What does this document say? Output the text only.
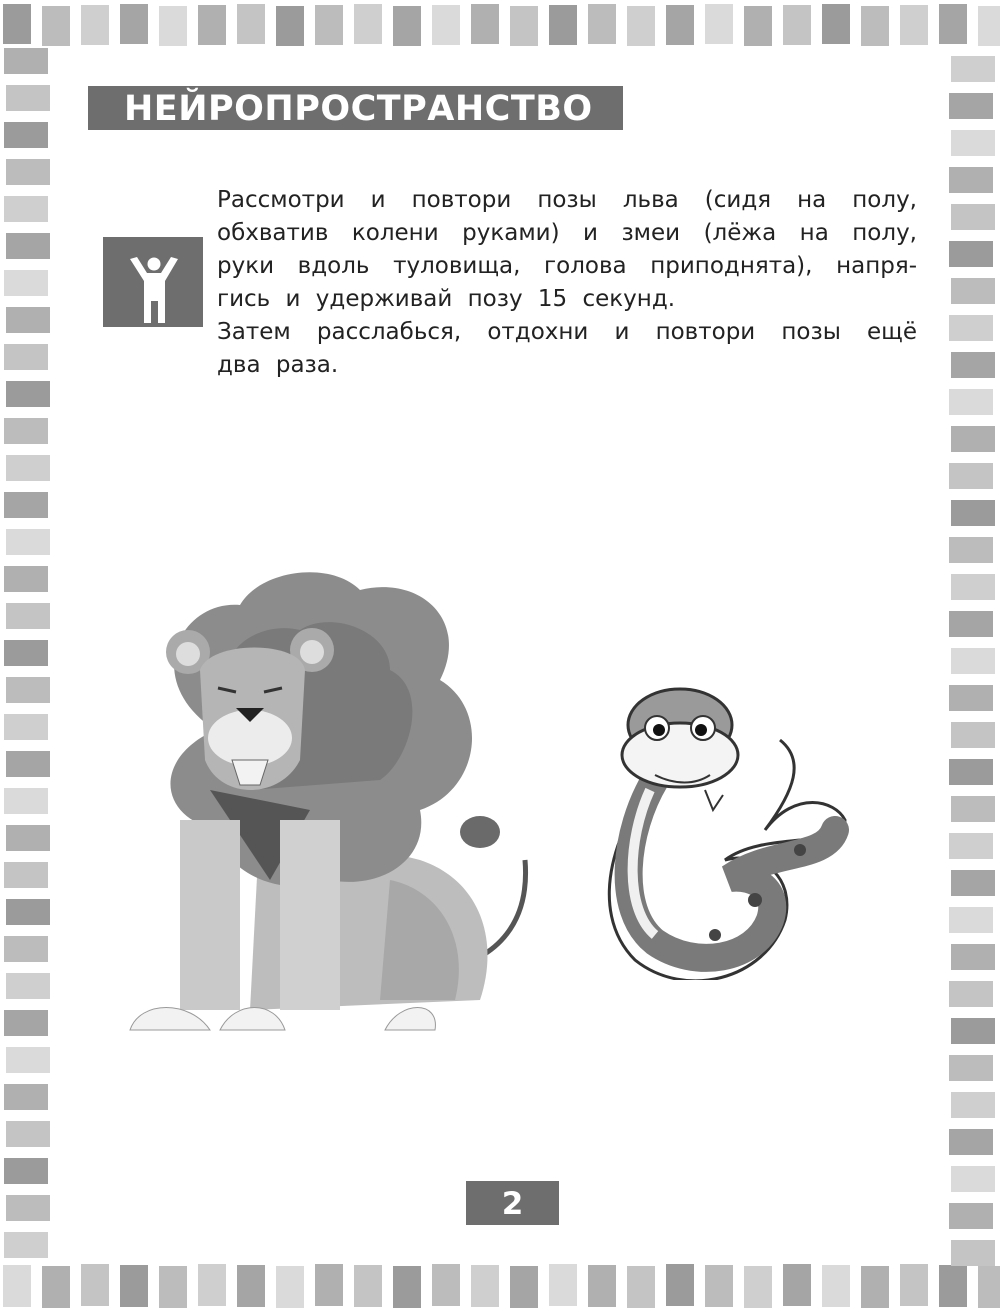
НЕЙРОПРОСТРАНСТВО
Рассмотри и повтори позы льва (сидя на полу,
обхватив колени руками) и змеи (лёжа на полу,
руки вдоль туловища, голова приподнята), напря-
гись и удерживай позу 15 секунд.
Затем расслабься, отдохни и повтори позы ещё
два раза.
2
